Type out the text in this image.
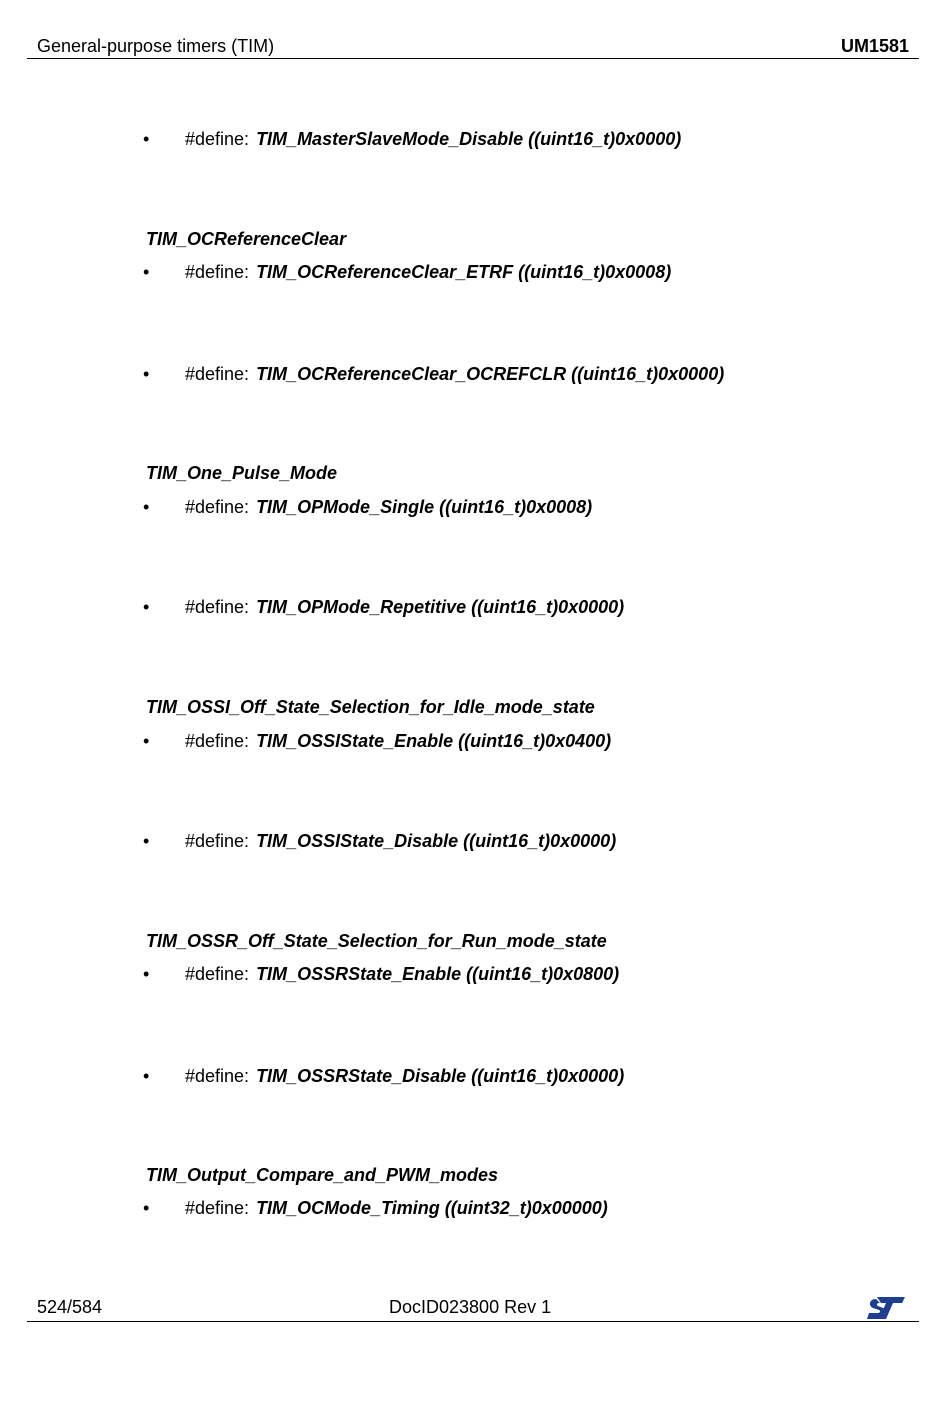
General-purpose timers (TIM)	UM1581
• #define: TIM_MasterSlaveMode_Disable ((uint16_t)0x0000)
TIM_OCReferenceClear
• #define: TIM_OCReferenceClear_ETRF ((uint16_t)0x0008)
• #define: TIM_OCReferenceClear_OCREFCLR ((uint16_t)0x0000)
TIM_One_Pulse_Mode
• #define: TIM_OPMode_Single ((uint16_t)0x0008)
• #define: TIM_OPMode_Repetitive ((uint16_t)0x0000)
TIM_OSSI_Off_State_Selection_for_Idle_mode_state
• #define: TIM_OSSIState_Enable ((uint16_t)0x0400)
• #define: TIM_OSSIState_Disable ((uint16_t)0x0000)
TIM_OSSR_Off_State_Selection_for_Run_mode_state
• #define: TIM_OSSRState_Enable ((uint16_t)0x0800)
• #define: TIM_OSSRState_Disable ((uint16_t)0x0000)
TIM_Output_Compare_and_PWM_modes
• #define: TIM_OCMode_Timing ((uint32_t)0x00000)
524/584	DocID023800 Rev 1
